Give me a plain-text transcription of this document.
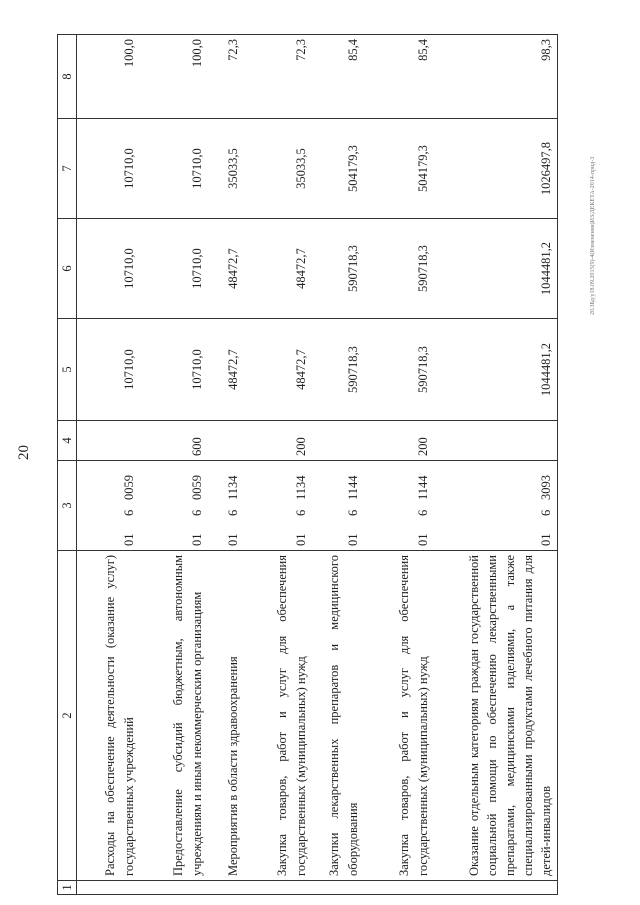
20
1	2	3	4	5	6	7	8
	Расходы на обеспечение деятельности (оказание услуг) государственных учреждений	0160059		10710,0	10710,0	10710,0	100,0
	Предоставление субсидий бюджетным, автономным учреждениям и иным некоммерческим организациям	0160059	600	10710,0	10710,0	10710,0	100,0
	Мероприятия в области здравоохранения	0161134		48472,7	48472,7	35033,5	72,3
	Закупка товаров, работ и услуг для обеспечения государственных (муниципальных) нужд	0161134	200	48472,7	48472,7	35033,5	72,3
	Закупки лекарственных препаратов и медицинского оборудования	0161144		590718,3	590718,3	504179,3	85,4
	Закупка товаров, работ и услуг для обеспечения государственных (муниципальных) нужд	0161144	200	590718,3	590718,3	504179,3	85,4
	Оказание отдельным категориям граждан государственной социальной помощи по обеспечению лекарственными препаратами, медицинскими изделиями, а также специализированными продуктами лечебного питания для детей-инвалидов	0163093		1044481,2	1044481,2	1026497,8	98,3
20.3Бд/у18.09.2015(9)-4(Изменения)ИЗ/ДЕКЕТА-2014-прид-3
